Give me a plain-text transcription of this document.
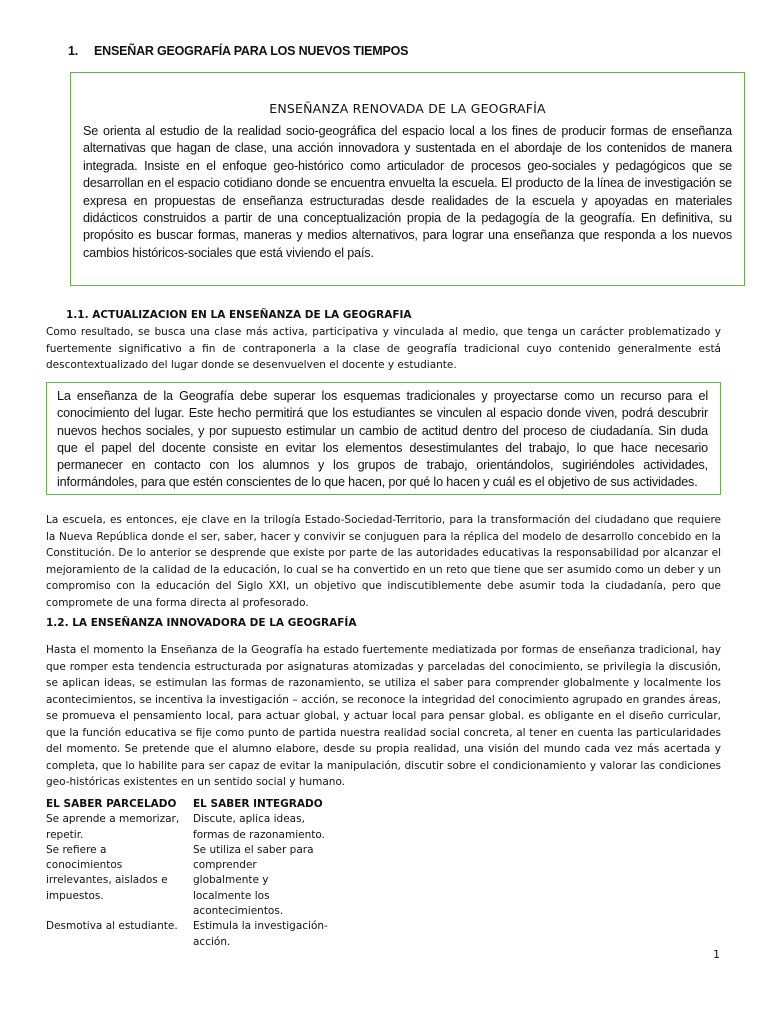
1. ENSEÑAR GEOGRAFÍA PARA LOS NUEVOS TIEMPOS
ENSEÑANZA RENOVADA DE LA GEOGRAFÍA
Se orienta al estudio de la realidad socio-geográfica del espacio local a los fines de producir formas de enseñanza alternativas que hagan de clase, una acción innovadora y sustentada en el abordaje de los contenidos de manera integrada. Insiste en el enfoque geo-histórico como articulador de procesos geo-sociales y pedagógicos que se desarrollan en el espacio cotidiano donde se encuentra envuelta la escuela. El producto de la línea de investigación se expresa en propuestas de enseñanza estructuradas desde realidades de la escuela y apoyadas en materiales didácticos construidos a partir de una conceptualización propia de la pedagogía de la geografía. En definitiva, su propósito es buscar formas, maneras y medios alternativos, para lograr una enseñanza que responda a los nuevos cambios históricos-sociales que está viviendo el país.
1.1. ACTUALIZACION EN LA ENSEÑANZA DE LA GEOGRAFIA
Como resultado, se busca una clase más activa, participativa y vinculada al medio, que tenga un carácter problematizado y fuertemente significativo a fin de contraponerla a la clase de geografía tradicional cuyo contenido generalmente está descontextualizado del lugar donde se desenvuelven el docente y estudiante.
La enseñanza de la Geografía debe superar los esquemas tradicionales y proyectarse como un recurso para el conocimiento del lugar. Este hecho permitirá que los estudiantes se vinculen al espacio donde viven, podrá descubrir nuevos hechos sociales, y por supuesto estimular un cambio de actitud dentro del proceso de ciudadanía. Sin duda que el papel del docente consiste en evitar los elementos desestimulantes del trabajo, lo que hace necesario permanecer en contacto con los alumnos y los grupos de trabajo, orientándolos, sugiriéndoles actividades, informándoles, para que estén conscientes de lo que hacen, por qué lo hacen y cuál es el objetivo de sus actividades.
La escuela, es entonces, eje clave en la trilogía Estado-Sociedad-Territorio, para la transformación del ciudadano que requiere la Nueva República donde el ser, saber, hacer y convivir se conjuguen para la réplica del modelo de desarrollo concebido en la Constitución. De lo anterior se desprende que existe por parte de las autoridades educativas la responsabilidad por alcanzar el mejoramiento de la calidad de la educación, lo cual se ha convertido en un reto que tiene que ser asumido como un deber y un compromiso con la educación del Siglo XXI, un objetivo que indiscutiblemente debe asumir toda la ciudadanía, pero que compromete de una forma directa al profesorado.
1.2. LA ENSEÑANZA INNOVADORA DE LA GEOGRAFÍA
Hasta el momento la Enseñanza de la Geografía ha estado fuertemente mediatizada por formas de enseñanza tradicional, hay que romper esta tendencia estructurada por asignaturas atomizadas y parceladas del conocimiento, se privilegia la discusión, se aplican ideas, se estimulan las formas de razonamiento, se utiliza el saber para comprender globalmente y localmente los acontecimientos, se incentiva la investigación – acción, se reconoce la integridad del conocimiento agrupado en grandes áreas, se promueva el pensamiento local, para actuar global, y actuar local para pensar global. es obligante en el diseño curricular, que la función educativa se fije como punto de partida nuestra realidad social concreta, al tener en cuenta las particularidades del momento. Se pretende que el alumno elabore, desde su propia realidad, una visión del mundo cada vez más acertada y completa, que lo habilite para ser capaz de evitar la manipulación, discutir sobre el condicionamiento y valorar las condiciones geo-históricas existentes en un sentido social y humano.
EL SABER PARCELADO
Se aprende a memorizar,
repetir.
Se refiere a
conocimientos
irrelevantes, aislados e
impuestos.
Desmotiva al estudiante.
EL SABER INTEGRADO
Discute, aplica ideas,
formas de razonamiento.
Se utiliza el saber para
comprender
globalmente y
localmente los
acontecimientos.
Estimula la investigación-
acción.
1
